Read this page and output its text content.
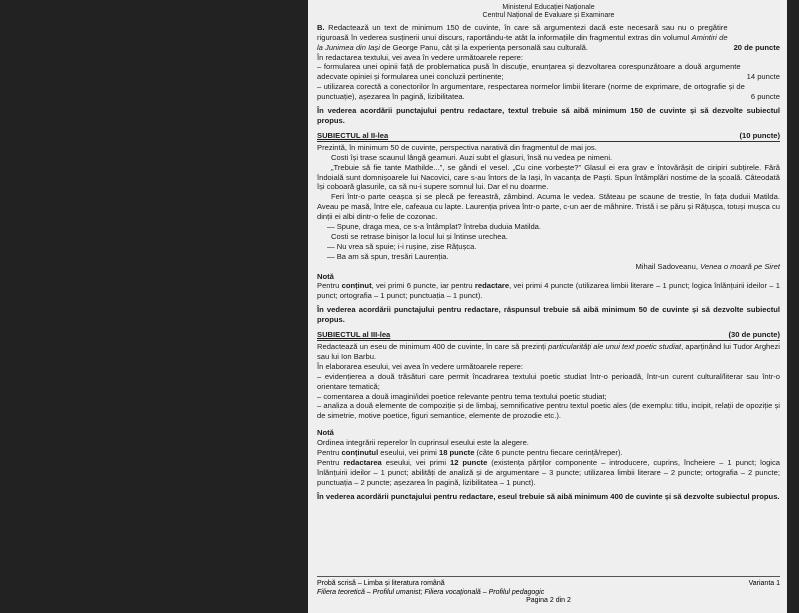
Ministerul Educației Naționale
Centrul Național de Evaluare și Examinare

B. Redactează un text de minimum 150 de cuvinte, în care să argumentezi dacă este necesară sau nu o pregătire riguroasă în vederea susținerii unui discurs, raportându-te atât la informațiile din fragmentul extras din volumul Amintiri de la Junimea din Iași de George Panu, cât și la experiența personală sau culturală.	20 de puncte

În redactarea textului, vei avea în vedere următoarele repere:

– formularea unei opinii față de problematica pusă în discuție, enunțarea și dezvoltarea corespunzătoare a două argumente adecvate opiniei și formularea unei concluzii pertinente;	14 puncte

– utilizarea corectă a conectorilor în argumentare, respectarea normelor limbii literare (norme de exprimare, de ortografie și de punctuație), așezarea în pagină, lizibilitatea.	6 puncte

În vederea acordării punctajului pentru redactare, textul trebuie să aibă minimum 150 de cuvinte și să dezvolte subiectul propus.

SUBIECTUL al II-lea	(10 puncte)

Prezintă, în minimum 50 de cuvinte, perspectiva narativă din fragmentul de mai jos.

Costi își trase scaunul lângă geamuri. Auzi subt el glasuri, însă nu vedea pe nimeni.

„Trebuie să fie tante Mathilde...”, se gândi el vesel. „Cu cine vorbește?” Glasul ei era grav e întovărășit de ciripiri subțirele. Fără îndoială sunt domnișoarele lui Nacovici, care s-au întors de la Iași, în vacanța de Paști. Spun întâmplări nostime de la școală. Câteodată își coboară glasurile, ca să nu-i supere somnul lui. Dar el nu doarme.

Feri într-o parte ceașca și se plecă pe fereastră, zâmbind. Acuma le vedea. Stăteau pe scaune de trestie, în fața duduii Matilda. Aveau pe masă, între ele, cafeaua cu lapte. Laurenția privea într-o parte, c-un aer de mâhnire. Tristă i se păru și Rățușca, totuși mușca cu dinții ei albi dintr-o felie de cozonac.

— Spune, draga mea, ce s-a întâmplat? întreba duduia Matilda.

Costi se retrase binișor la locul lui și întinse urechea.

— Nu vrea să spuie; i-i rușine, zise Rățușca.

— Ba am să spun, tresări Laurenția.

Mihail Sadoveanu, Venea o moară pe Siret

Notă

Pentru conținut, vei primi 6 puncte, iar pentru redactare, vei primi 4 puncte (utilizarea limbii literare – 1 punct; logica înlănțuirii ideilor – 1 punct; ortografia – 1 punct; punctuația – 1 punct).

În vederea acordării punctajului pentru redactare, răspunsul trebuie să aibă minimum 50 de cuvinte și să dezvolte subiectul propus.

SUBIECTUL al III-lea	(30 de puncte)

Redactează un eseu de minimum 400 de cuvinte, în care să prezinți particularități ale unui text poetic studiat, aparținând lui Tudor Arghezi sau lui Ion Barbu.

În elaborarea eseului, vei avea în vedere următoarele repere:

– evidențierea a două trăsături care permit încadrarea textului poetic studiat într-o perioadă, într-un curent cultural/literar sau într-o orientare tematică;

– comentarea a două imagini/idei poetice relevante pentru tema textului poetic studiat;

– analiza a două elemente de compoziție și de limbaj, semnificative pentru textul poetic ales (de exemplu: titlu, incipit, relații de opoziție și de simetrie, motive poetice, figuri semantice, elemente de prozodie etc.).

Notă

Ordinea integrării reperelor în cuprinsul eseului este la alegere.

Pentru conținutul eseului, vei primi 18 puncte (câte 6 puncte pentru fiecare cerință/reper).

Pentru redactarea eseului, vei primi 12 puncte (existența părților componente – introducere, cuprins, încheiere – 1 punct; logica înlănțuirii ideilor – 1 punct; abilități de analiză și de argumentare – 3 puncte; utilizarea limbii literare – 2 puncte; ortografia – 2 puncte; punctuația – 2 puncte; așezarea în pagină, lizibilitatea – 1 punct).

În vederea acordării punctajului pentru redactare, eseul trebuie să aibă minimum 400 de cuvinte și să dezvolte subiectul propus.

Probă scrisă – Limba și literatura română	Varianta 1
Filiera teoretică – Profilul umanist; Filiera vocațională – Profilul pedagogic
Pagina 2 din 2
